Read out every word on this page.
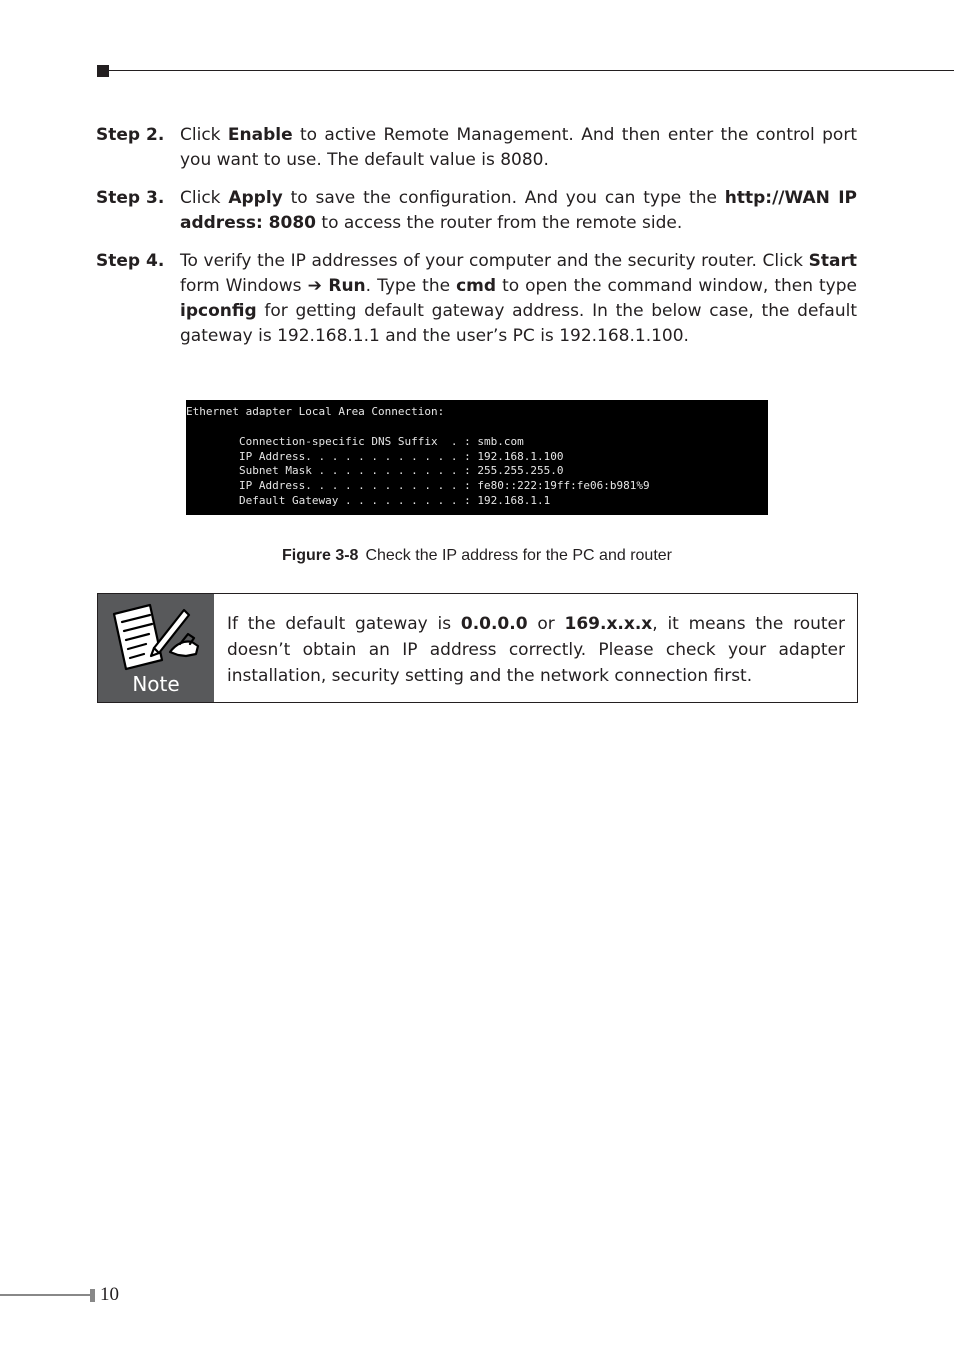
Step 2. Click Enable to active Remote Management. And then enter the control port you want to use. The default value is 8080.
Step 3. Click Apply to save the configuration. And you can type the http://WAN IP address: 8080 to access the router from the remote side.
Step 4. To verify the IP addresses of your computer and the security router. Click Start form Windows ➔ Run. Type the cmd to open the command window, then type ipconfig for getting default gateway address. In the below case, the default gateway is 192.168.1.1 and the user’s PC is 192.168.1.100.
Ethernet adapter Local Area Connection:
Connection-specific DNS Suffix  . : smb.com
IP Address. . . . . . . . . . . . : 192.168.1.100
Subnet Mask . . . . . . . . . . . : 255.255.255.0
IP Address. . . . . . . . . . . . : fe80::222:19ff:fe06:b981%9
Default Gateway . . . . . . . . . : 192.168.1.1
Figure 3-8 Check the IP address for the PC and router
Note
If the default gateway is 0.0.0.0 or 169.x.x.x, it means the router doesn’t obtain an IP address correctly. Please check your adapter installation, security setting and the network connection first.
10
